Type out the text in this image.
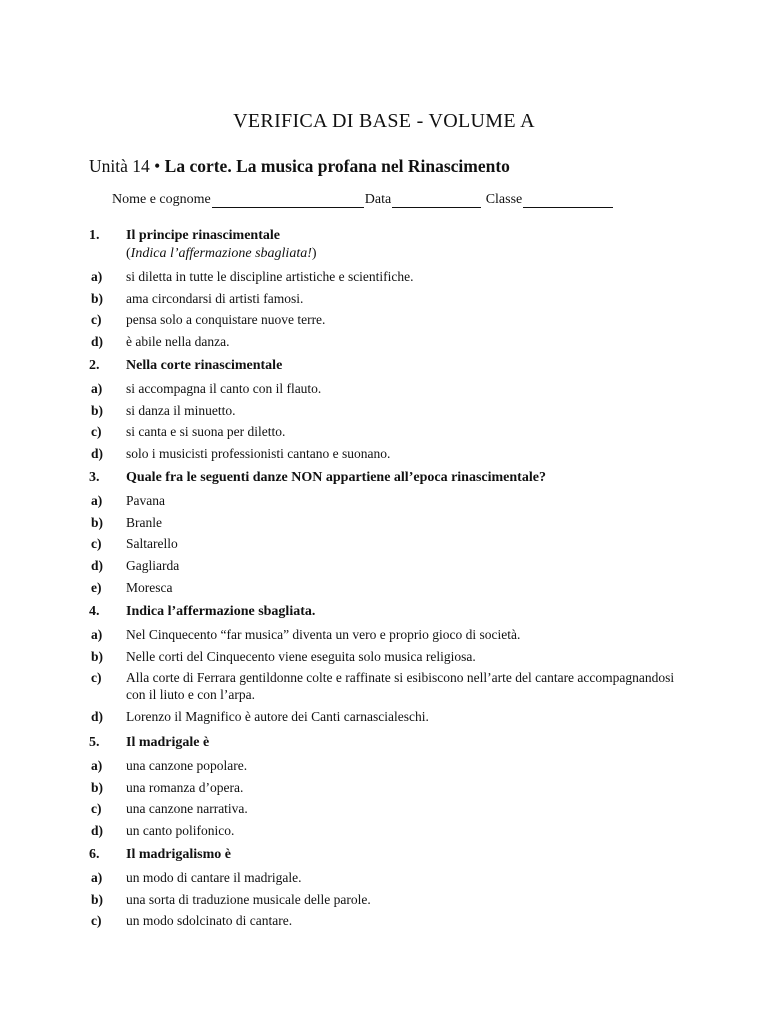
VERIFICA DI BASE - VOLUME A
Unità 14 • La corte. La musica profana nel Rinascimento
Nome e cognome	Data	Classe
1.	Il principe rinascimentale
(Indica l’affermazione sbagliata!)
a)	si diletta in tutte le discipline artistiche e scientifiche.
b)	ama circondarsi di artisti famosi.
c)	pensa solo a conquistare nuove terre.
d)	è abile nella danza.
2.	Nella corte rinascimentale
a)	si accompagna il canto con il flauto.
b)	si danza il minuetto.
c)	si canta e si suona per diletto.
d)	solo i musicisti professionisti cantano e suonano.
3.	Quale fra le seguenti danze NON appartiene all’epoca rinascimentale?
a)	Pavana
b)	Branle
c)	Saltarello
d)	Gagliarda
e)	Moresca
4.	Indica l’affermazione sbagliata.
a)	Nel Cinquecento “far musica” diventa un vero e proprio gioco di società.
b)	Nelle corti del Cinquecento viene eseguita solo musica religiosa.
c)	Alla corte di Ferrara gentildonne colte e raffinate si esibiscono nell’arte del cantare accompagnandosi con il liuto e con l’arpa.
d)	Lorenzo il Magnifico è autore dei Canti carnascialeschi.
5.	Il madrigale è
a)	una canzone popolare.
b)	una romanza d’opera.
c)	una canzone narrativa.
d)	un canto polifonico.
6.	Il madrigalismo è
a)	un modo di cantare il madrigale.
b)	una sorta di traduzione musicale delle parole.
c)	un modo sdolcinato di cantare.
